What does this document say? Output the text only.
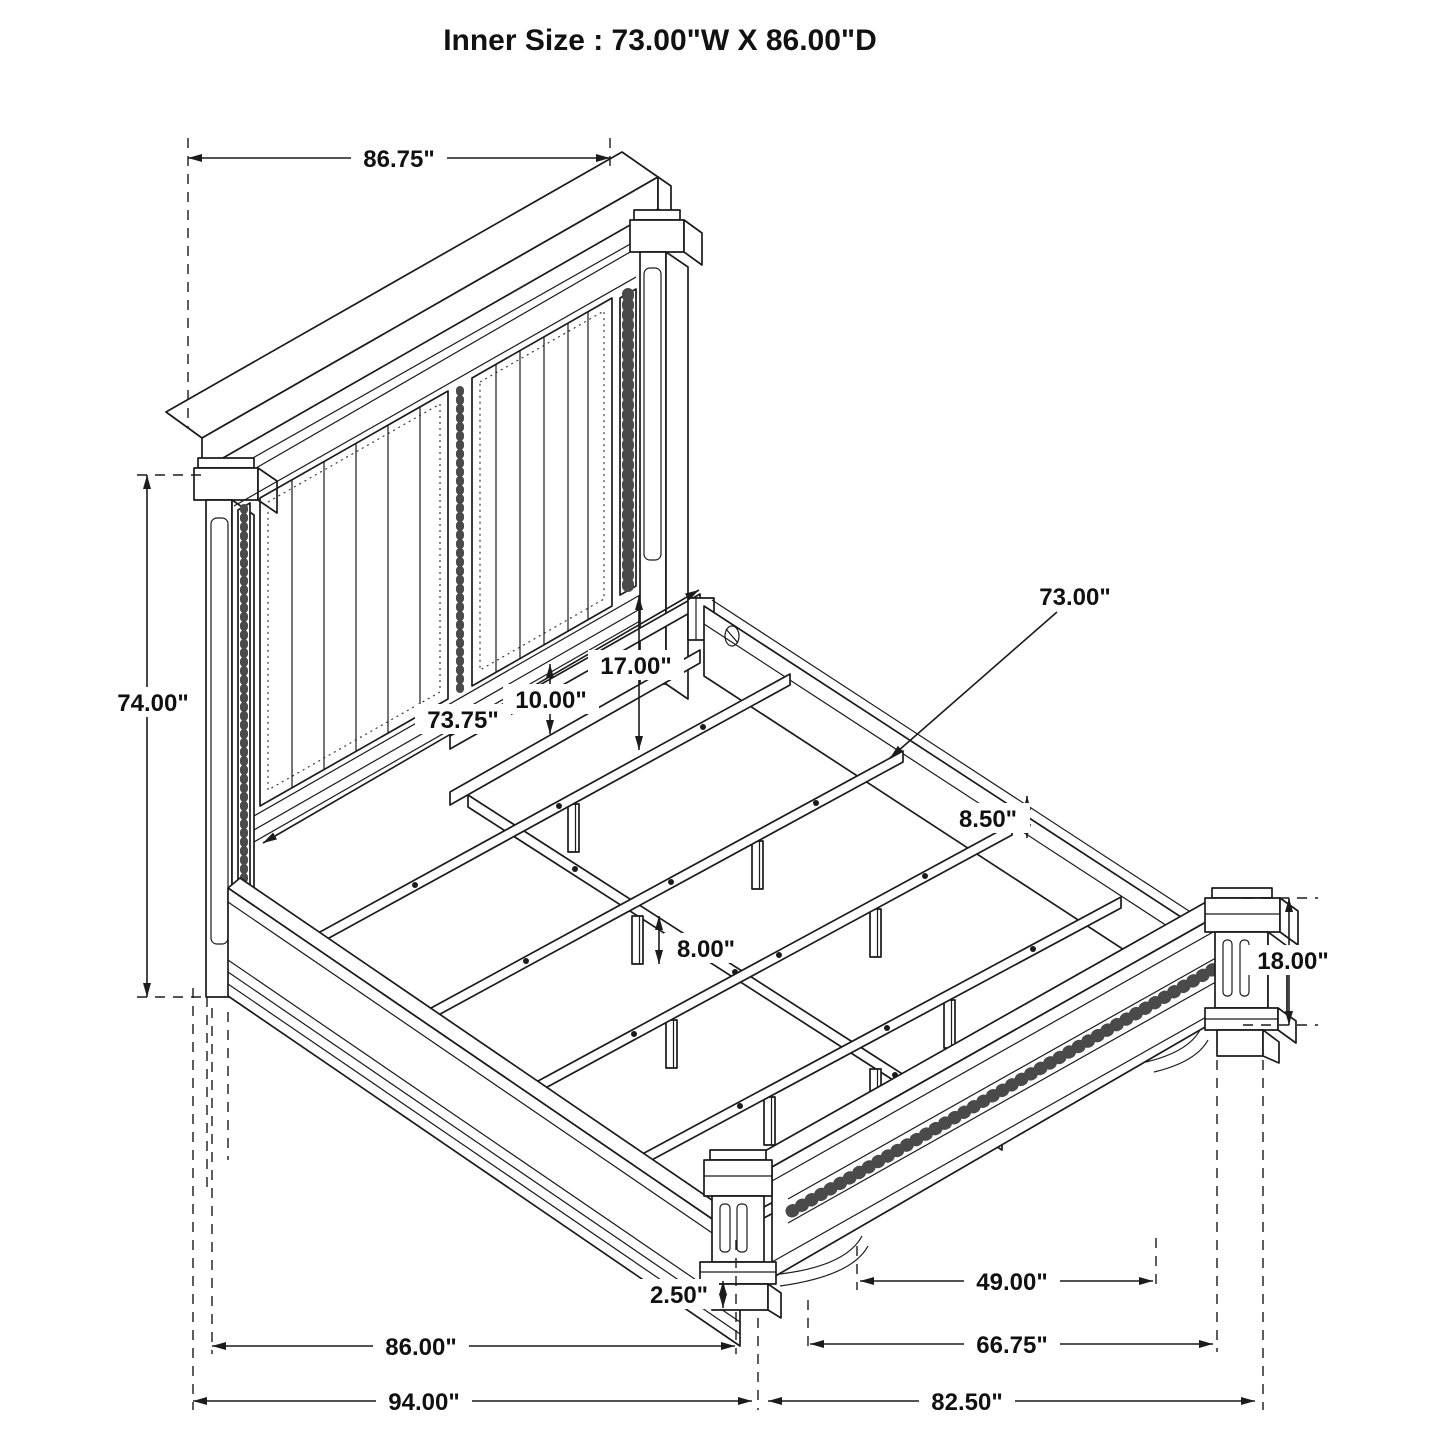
86.75"
74.00"
73.75"
10.00"
17.00"
73.00"
8.50"
8.00"	18.00"
2.50"	49.00"
66.75"
86.00"
94.00"	82.50"
Inner Size : 73.00"W X 86.00"D
